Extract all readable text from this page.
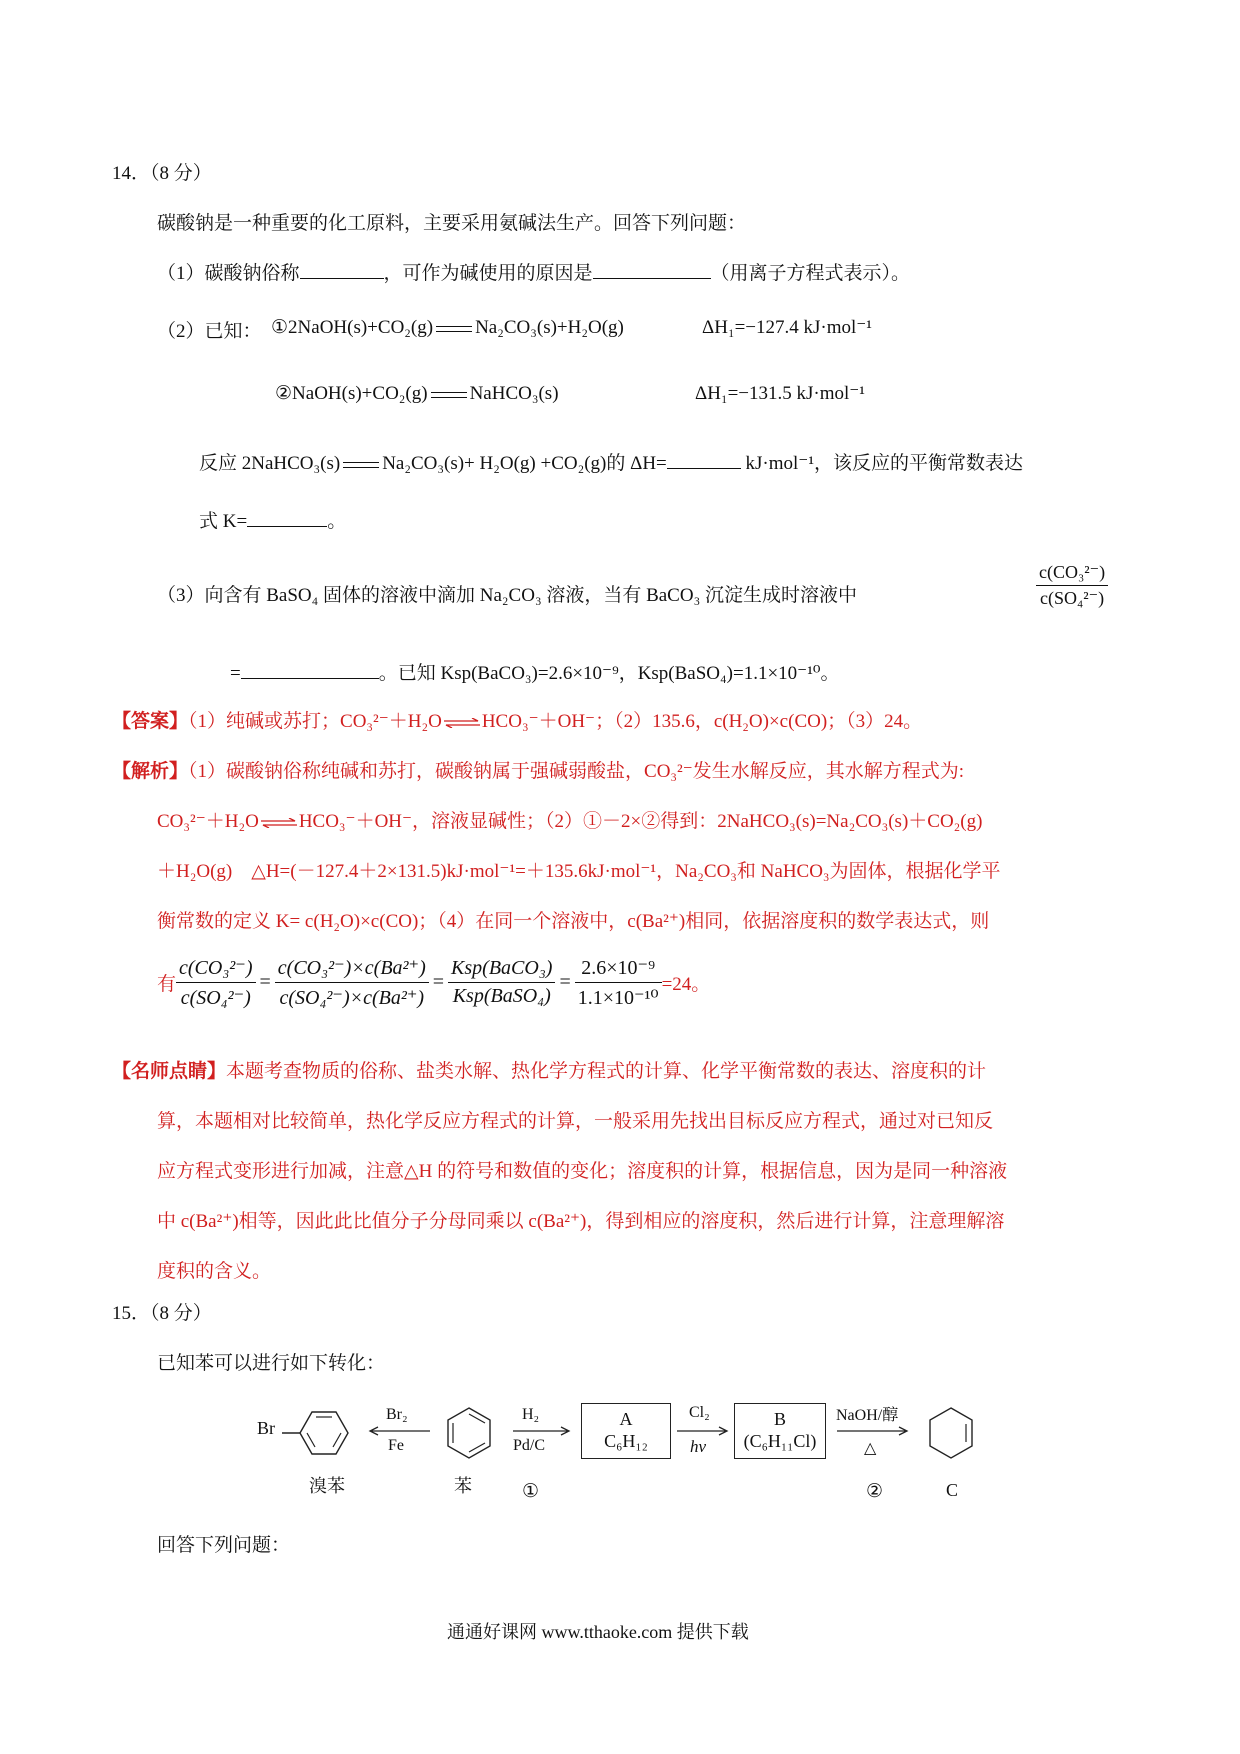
14．（8 分）
碳酸钠是一种重要的化工原料，主要采用氨碱法生产。回答下列问题：
（1）碳酸钠俗称	，可作为碱使用的原因是	（用离子方程式表示）。
（2）已知： ①2NaOH(s)+CO₂(g) Na₂CO₃(s)+H₂O(g)	ΔH₁=−127.4 kJ·mol⁻¹
②NaOH(s)+CO₂(g) NaHCO₃(s)	ΔH₁=−131.5 kJ·mol⁻¹
反应 2NaHCO₃(s) Na₂CO₃(s)+ H₂O(g) +CO₂(g)的 ΔH=	kJ·mol⁻¹，该反应的平衡常数表达
式 K=	。
（3）向含有 BaSO₄ 固体的溶液中滴加 Na₂CO₃ 溶液，当有 BaCO₃ 沉淀生成时溶液中	$\frac{\text{c(CO₃²⁻)}}{\text{c(SO₄²⁻)}}$
=	。已知 Ksp(BaCO₃)=2.6×10⁻⁹，Ksp(BaSO₄)=1.1×10⁻¹⁰。
【答案】（1）纯碱或苏打；CO₃²⁻＋H₂O ⇌ HCO₃⁻＋OH⁻；（2）135.6，c(H₂O)×c(CO)；（3）24。
【解析】（1）碳酸钠俗称纯碱和苏打，碳酸钠属于强碱弱酸盐，CO₃²⁻发生水解反应，其水解方程式为:
CO₃²⁻＋H₂O ⇌ HCO₃⁻＋OH⁻，溶液显碱性；（2）①－2×②得到：2NaHCO₃(s)=Na₂CO₃(s)＋CO₂(g)
＋H₂O(g)　△H=(－127.4＋2×131.5)kJ·mol⁻¹=＋135.6kJ·mol⁻¹，Na₂CO₃和 NaHCO₃为固体，根据化学平
衡常数的定义 K= c(H₂O)×c(CO)；（4）在同一个溶液中，c(Ba²⁺)相同，依据溶度积的数学表达式，则
有 $\frac{\text{c(CO₃²⁻)}}{\text{c(SO₄²⁻)}} = \frac{\text{c(CO₃²⁻)×c(Ba²⁺)}}{\text{c(SO₄²⁻)×c(Ba²⁺)}} = \frac{\text{Ksp(BaCO₃)}}{\text{Ksp(BaSO₄)}} = \frac{\text{2.6×10⁻⁹}}{\text{1.1×10⁻¹⁰}} =24$。
【名师点睛】本题考查物质的俗称、盐类水解、热化学方程式的计算、化学平衡常数的表达、溶度积的计
算，本题相对比较简单，热化学反应方程式的计算，一般采用先找出目标反应方程式，通过对已知反
应方程式变形进行加减，注意△H 的符号和数值的变化；溶度积的计算，根据信息，因为是同一种溶液
中 c(Ba²⁺)相等，因此此比值分子分母同乘以 c(Ba²⁺)，得到相应的溶度积，然后进行计算，注意理解溶
度积的含义。
15．（8 分）
已知苯可以进行如下转化：
Br
溴苯
Br₂
Fe
苯
H₂
Pd/C
①
A
C₆H₁₂
Cl₂
hv
B
(C₆H₁₁Cl)
NaOH/醇
△
②	C
回答下列问题：
通通好课网 www.tthaoke.com 提供下载
